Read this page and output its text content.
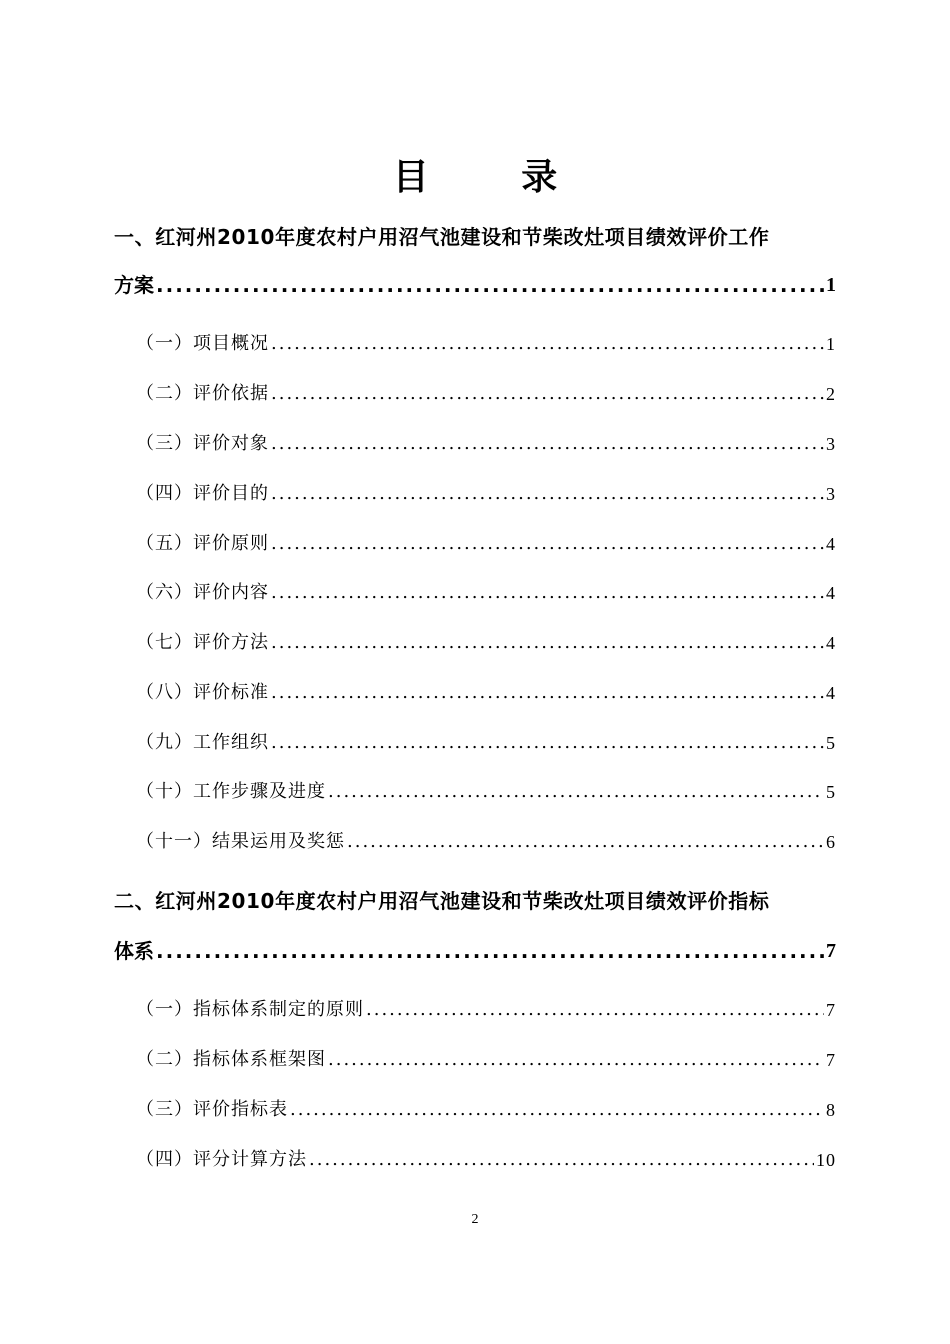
目 录
一、红河州2010年度农村户用沼气池建设和节柴改灶项目绩效评价工作
方案 .....	1
（一）项目概况 .....	1
（二）评价依据 .....	2
（三）评价对象 .....	3
（四）评价目的 .....	3
（五）评价原则 .....	4
（六）评价内容 .....	4
（七）评价方法 .....	4
（八）评价标准 .....	4
（九）工作组织 .....	5
（十）工作步骤及进度 .....	5
（十一）结果运用及奖惩 .....	6
二、红河州2010年度农村户用沼气池建设和节柴改灶项目绩效评价指标
体系 .....	7
（一）指标体系制定的原则 .....	7
（二）指标体系框架图 .....	7
（三）评价指标表 .....	8
（四）评分计算方法 .....	10
2
